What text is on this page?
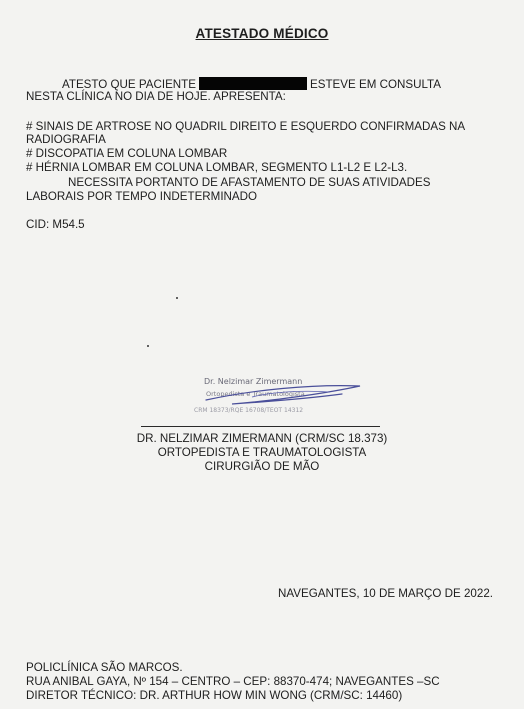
ATESTADO MÉDICO
ATESTO QUE PACIENTE	ESTEVE EM CONSULTA
NESTA CLÍNICA NO DIA DE HOJE. APRESENTA:
# SINAIS DE ARTROSE NO QUADRIL DIREITO E ESQUERDO CONFIRMADAS NA
RADIOGRAFIA
# DISCOPATIA EM COLUNA LOMBAR
# HÉRNIA LOMBAR EM COLUNA LOMBAR, SEGMENTO L1-L2 E L2-L3.
NECESSITA PORTANTO DE AFASTAMENTO DE SUAS ATIVIDADES
LABORAIS POR TEMPO INDETERMINADO
CID: M54.5
Dr. Nelzimar Zimermann
Ortopedista e Traumatologista
CRM 18373/RQE 16708/TEOT 14312
DR. NELZIMAR ZIMERMANN (CRM/SC 18.373)
ORTOPEDISTA E TRAUMATOLOGISTA
CIRURGIÃO DE MÃO
NAVEGANTES, 10 DE MARÇO DE 2022.
POLICLÍNICA SÃO MARCOS.
RUA ANIBAL GAYA, Nº 154 – CENTRO – CEP: 88370-474; NAVEGANTES –SC
DIRETOR TÉCNICO: DR. ARTHUR HOW MIN WONG (CRM/SC: 14460)
